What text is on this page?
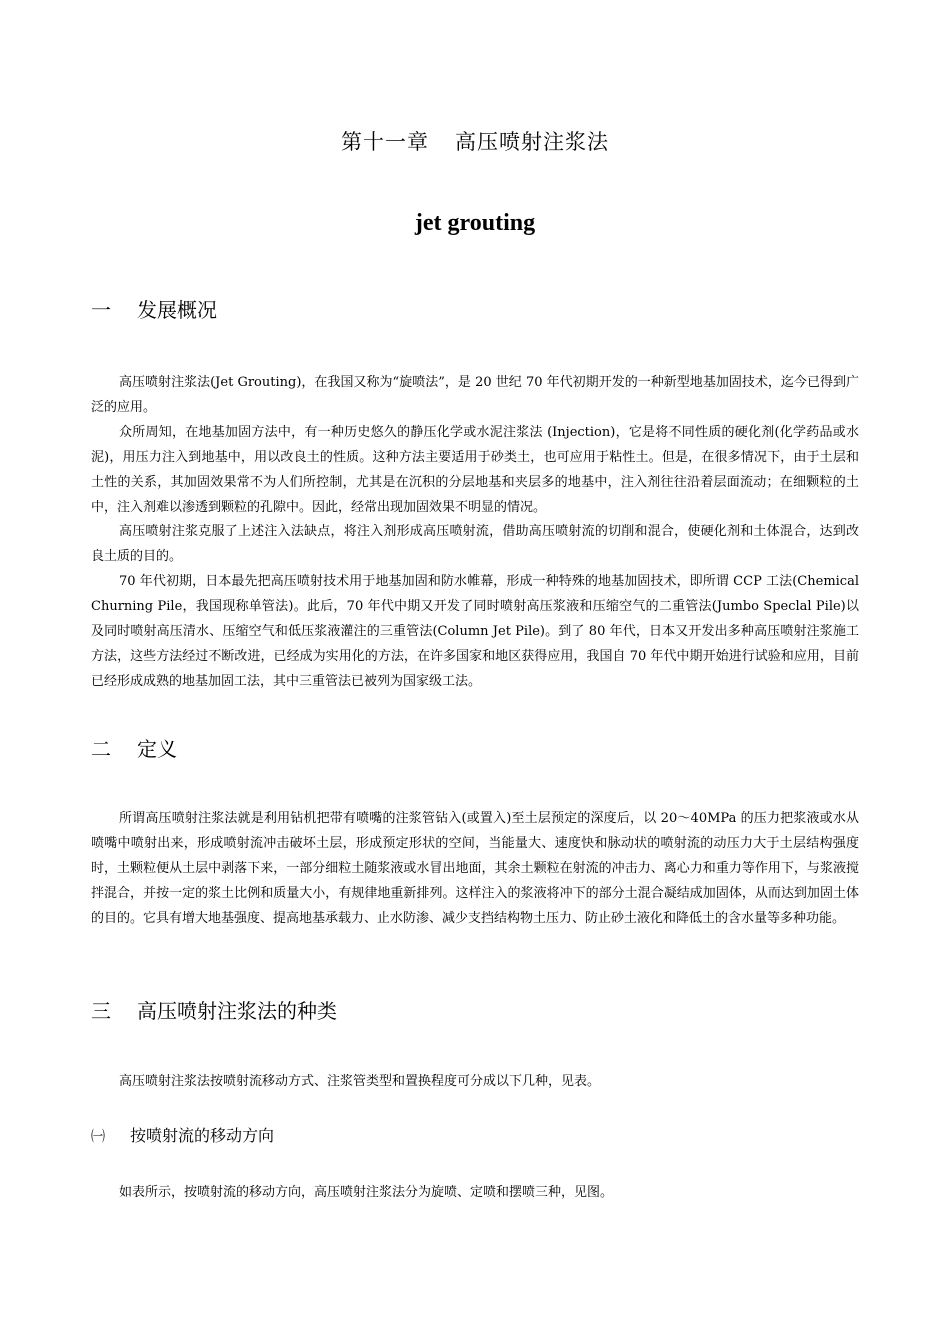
第十一章 高压喷射注浆法
jet grouting
一 发展概况

高压喷射注浆法(Jet Grouting)，在我国又称为“旋喷法”，是 20 世纪 70 年代初期开发的一种新型地基加固技术，迄今已得到广泛的应用。

众所周知，在地基加固方法中，有一种历史悠久的静压化学或水泥注浆法 (Injection)，它是将不同性质的硬化剂(化学药品或水泥)，用压力注入到地基中，用以改良土的性质。这种方法主要适用于砂类土，也可应用于粘性土。但是，在很多情况下，由于土层和土性的关系，其加固效果常不为人们所控制，尤其是在沉积的分层地基和夹层多的地基中，注入剂往往沿着层面流动；在细颗粒的土中，注入剂难以渗透到颗粒的孔隙中。因此，经常出现加固效果不明显的情况。

高压喷射注浆克服了上述注入法缺点，将注入剂形成高压喷射流，借助高压喷射流的切削和混合，使硬化剂和土体混合，达到改良土质的目的。

70 年代初期，日本最先把高压喷射技术用于地基加固和防水帷幕，形成一种特殊的地基加固技术，即所谓 CCP 工法(Chemical Churning Pile，我国现称单管法)。此后，70 年代中期又开发了同时喷射高压浆液和压缩空气的二重管法(Jumbo Speclal Pile)以及同时喷射高压清水、压缩空气和低压浆液灌注的三重管法(Column Jet Pile)。到了 80 年代，日本又开发出多种高压喷射注浆施工方法，这些方法经过不断改进，已经成为实用化的方法，在许多国家和地区获得应用，我国自 70 年代中期开始进行试验和应用，目前已经形成成熟的地基加固工法，其中三重管法已被列为国家级工法。

二 定义

所谓高压喷射注浆法就是利用钻机把带有喷嘴的注浆管钻入(或置入)至土层预定的深度后，以 20～40MPa 的压力把浆液或水从喷嘴中喷射出来，形成喷射流冲击破坏土层，形成预定形状的空间，当能量大、速度快和脉动状的喷射流的动压力大于土层结构强度时，土颗粒便从土层中剥落下来，一部分细粒土随浆液或水冒出地面，其余土颗粒在射流的冲击力、离心力和重力等作用下，与浆液搅拌混合，并按一定的浆土比例和质量大小，有规律地重新排列。这样注入的浆液将冲下的部分土混合凝结成加固体，从而达到加固土体的目的。它具有增大地基强度、提高地基承载力、止水防渗、减少支挡结构物土压力、防止砂土液化和降低土的含水量等多种功能。

三 高压喷射注浆法的种类

高压喷射注浆法按喷射流移动方式、注浆管类型和置换程度可分成以下几种，见表。

㈠ 按喷射流的移动方向

如表所示，按喷射流的移动方向，高压喷射注浆法分为旋喷、定喷和摆喷三种，见图。
